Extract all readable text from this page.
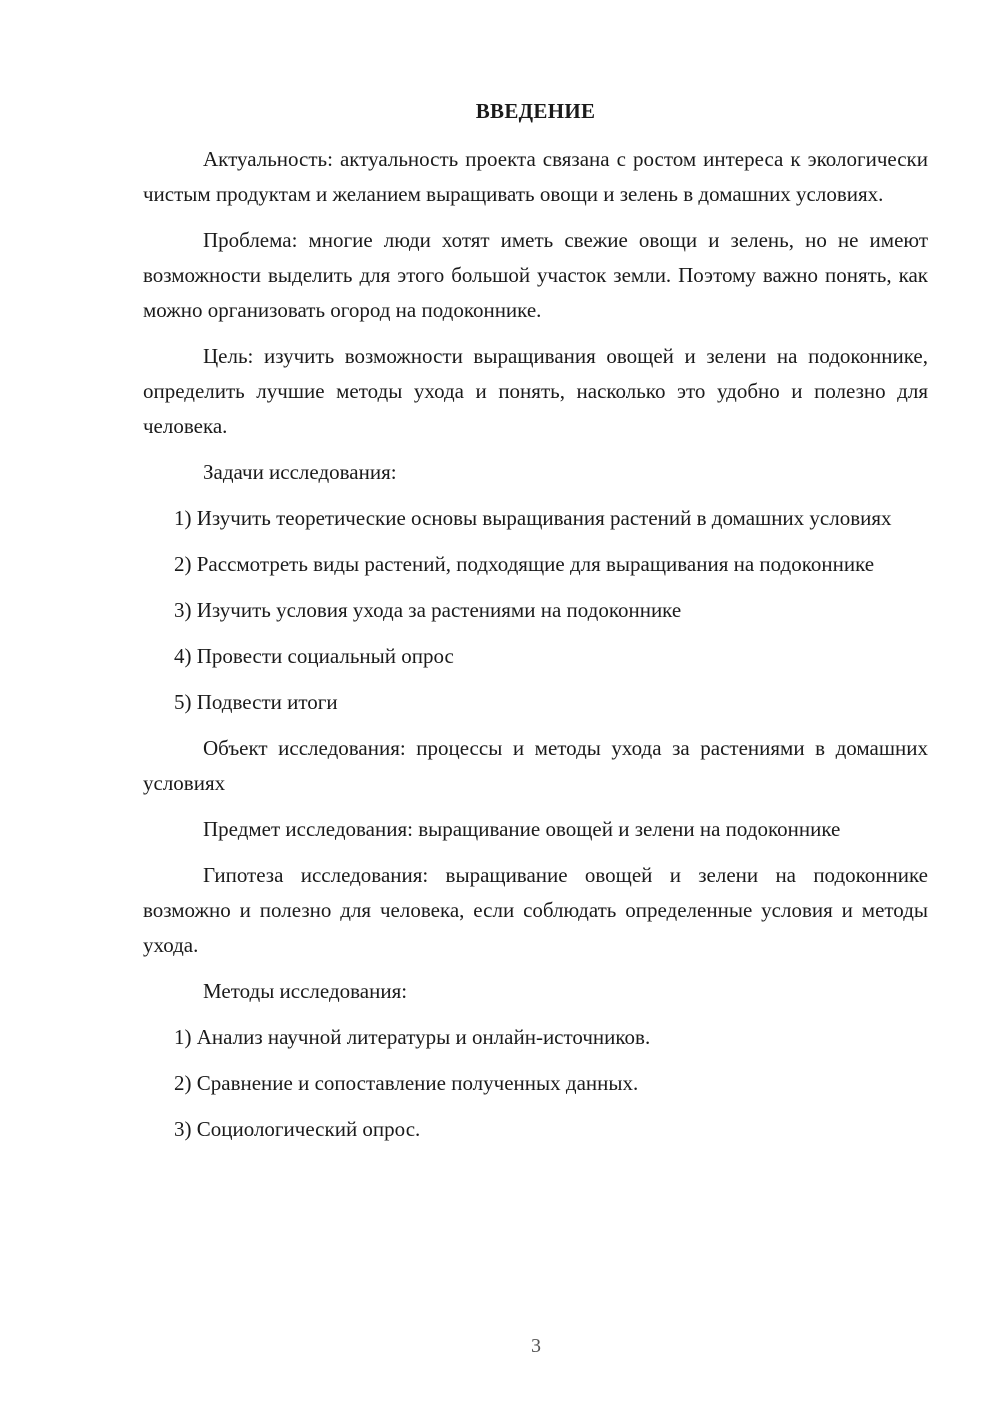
ВВЕДЕНИЕ

Актуальность: актуальность проекта связана с ростом интереса к экологически чистым продуктам и желанием выращивать овощи и зелень в домашних условиях.

Проблема: многие люди хотят иметь свежие овощи и зелень, но не имеют возможности выделить для этого большой участок земли. Поэтому важно понять, как можно организовать огород на подоконнике.

Цель: изучить возможности выращивания овощей и зелени на подоконнике, определить лучшие методы ухода и понять, насколько это удобно и полезно для человека.

Задачи исследования:

1) Изучить теоретические основы выращивания растений в домашних условиях

2) Рассмотреть виды растений, подходящие для выращивания на подоконнике

3) Изучить условия ухода за растениями на подоконнике

4) Провести социальный опрос

5) Подвести итоги

Объект исследования: процессы и методы ухода за растениями в домашних условиях

Предмет исследования: выращивание овощей и зелени на подоконнике

Гипотеза исследования: выращивание овощей и зелени на подоконнике возможно и полезно для человека, если соблюдать определенные условия и методы ухода.

Методы исследования:

1) Анализ научной литературы и онлайн-источников.

2) Сравнение и сопоставление полученных данных.

3) Социологический опрос.

3
